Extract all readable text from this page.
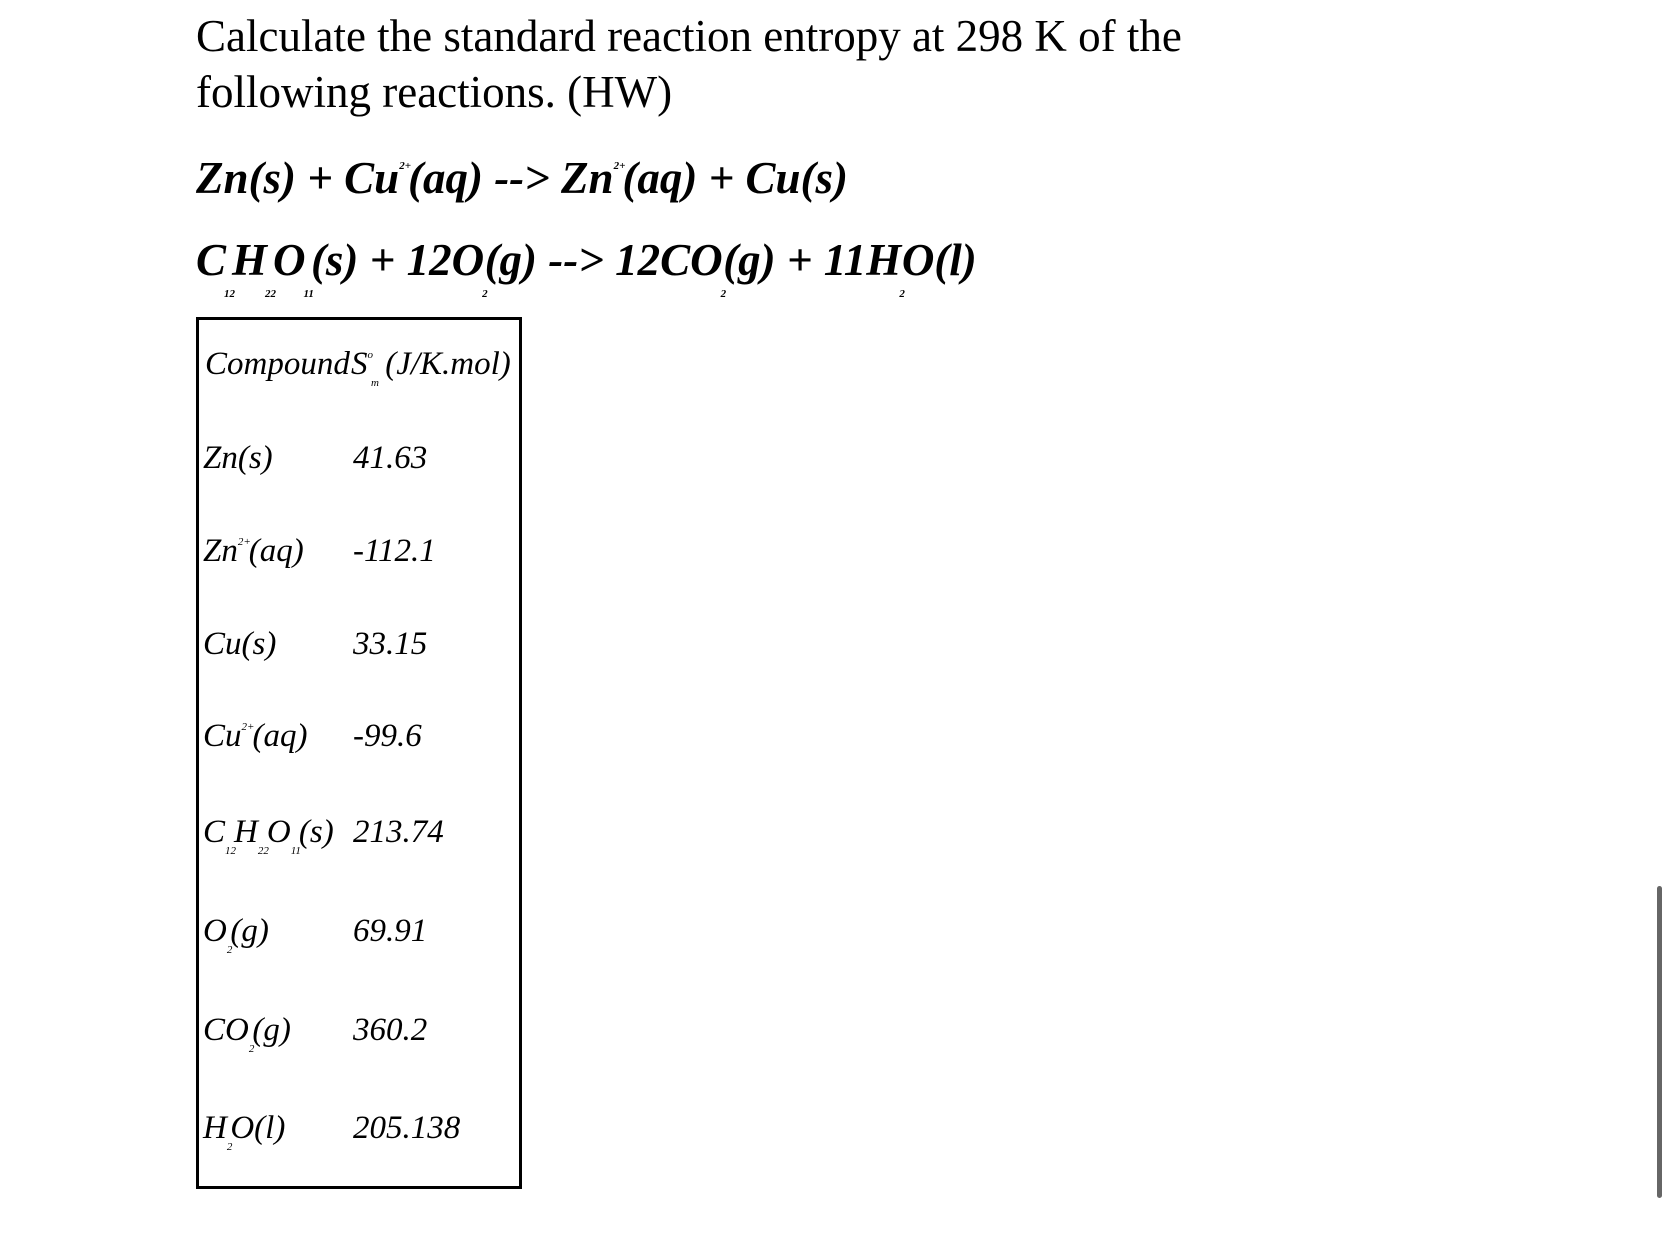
Calculate the standard reaction entropy at 298 K of the
following reactions. (HW)
$Zn(s) + Cu^{2+}(aq)$ --> $Zn^{2+}(aq) + Cu(s)$
$C_{12}H_{22}O_{11}(s) + 12O_2(g)$ --> $12CO_2(g) + 11H_2O(l)$
Compound $S^o_m$ (J/K.mol)
Zn(s) 41.63
$Zn^{2+}(aq)$ -112.1
Cu(s) 33.15
$Cu^{2+}(aq)$ -99.6
$C_{12}H_{22}O_{11}(s)$ 213.74
$O_2(g)$	69.91
$CO_2(g)$ 360.2
$H_2O(l)$ 205.138
